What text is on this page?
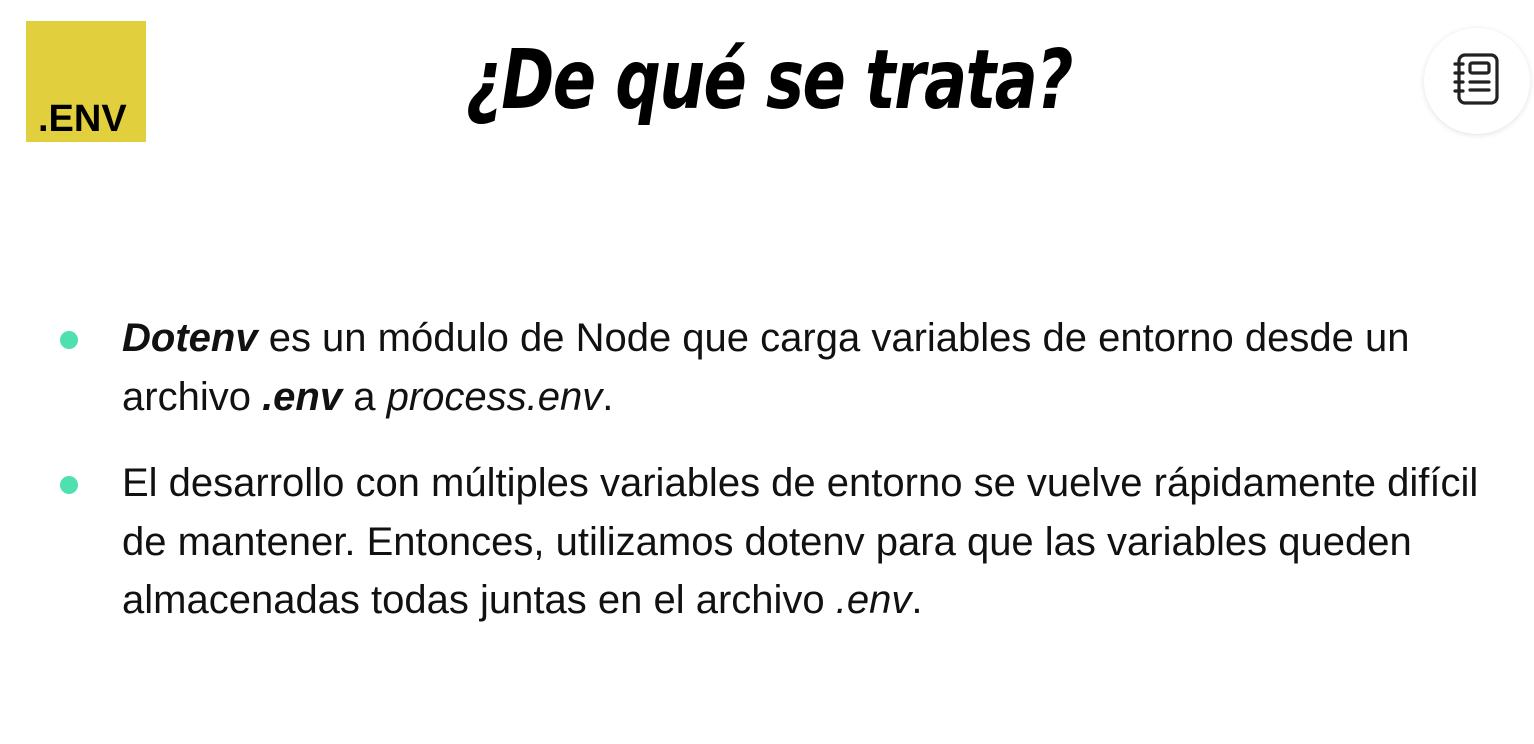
.ENV	¿De qué se trata?
Dotenv es un módulo de Node que carga variables de entorno desde un archivo .env a process.env.
El desarrollo con múltiples variables de entorno se vuelve rápidamente difícil de mantener. Entonces, utilizamos dotenv para que las variables queden almacenadas todas juntas en el archivo .env.
